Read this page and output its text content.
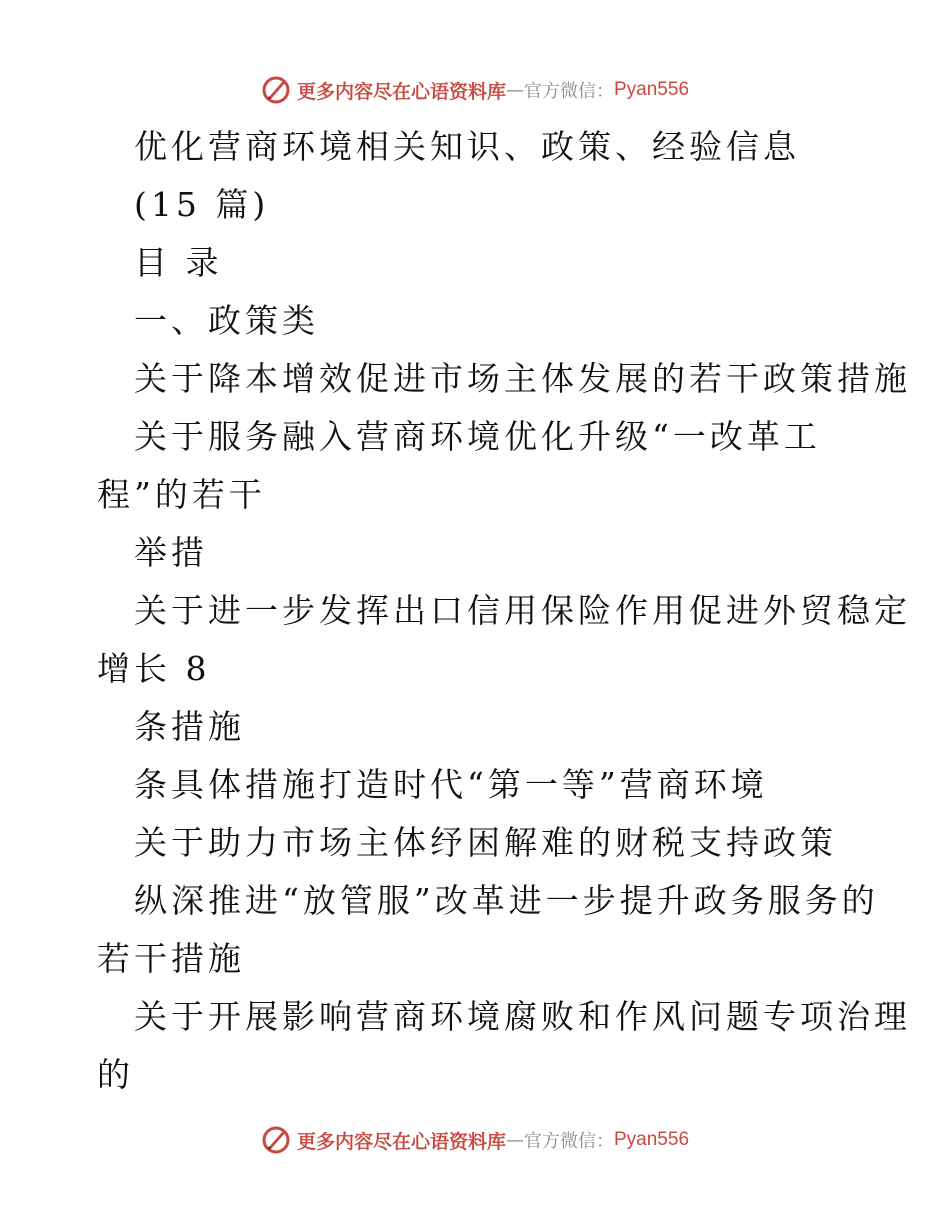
更多内容尽在心语资料库 — 官方微信： Pyan556
优化营商环境相关知识、政策、经验信息
(15 篇)
目 录
一、政策类
关于降本增效促进市场主体发展的若干政策措施
关于服务融入营商环境优化升级“一改革工
程”的若干
举措
关于进一步发挥出口信用保险作用促进外贸稳定
增长 8
条措施
条具体措施打造时代“第一等”营商环境
关于助力市场主体纾困解难的财税支持政策
纵深推进“放管服”改革进一步提升政务服务的
若干措施
关于开展影响营商环境腐败和作风问题专项治理
的
更多内容尽在心语资料库 — 官方微信： Pyan556
